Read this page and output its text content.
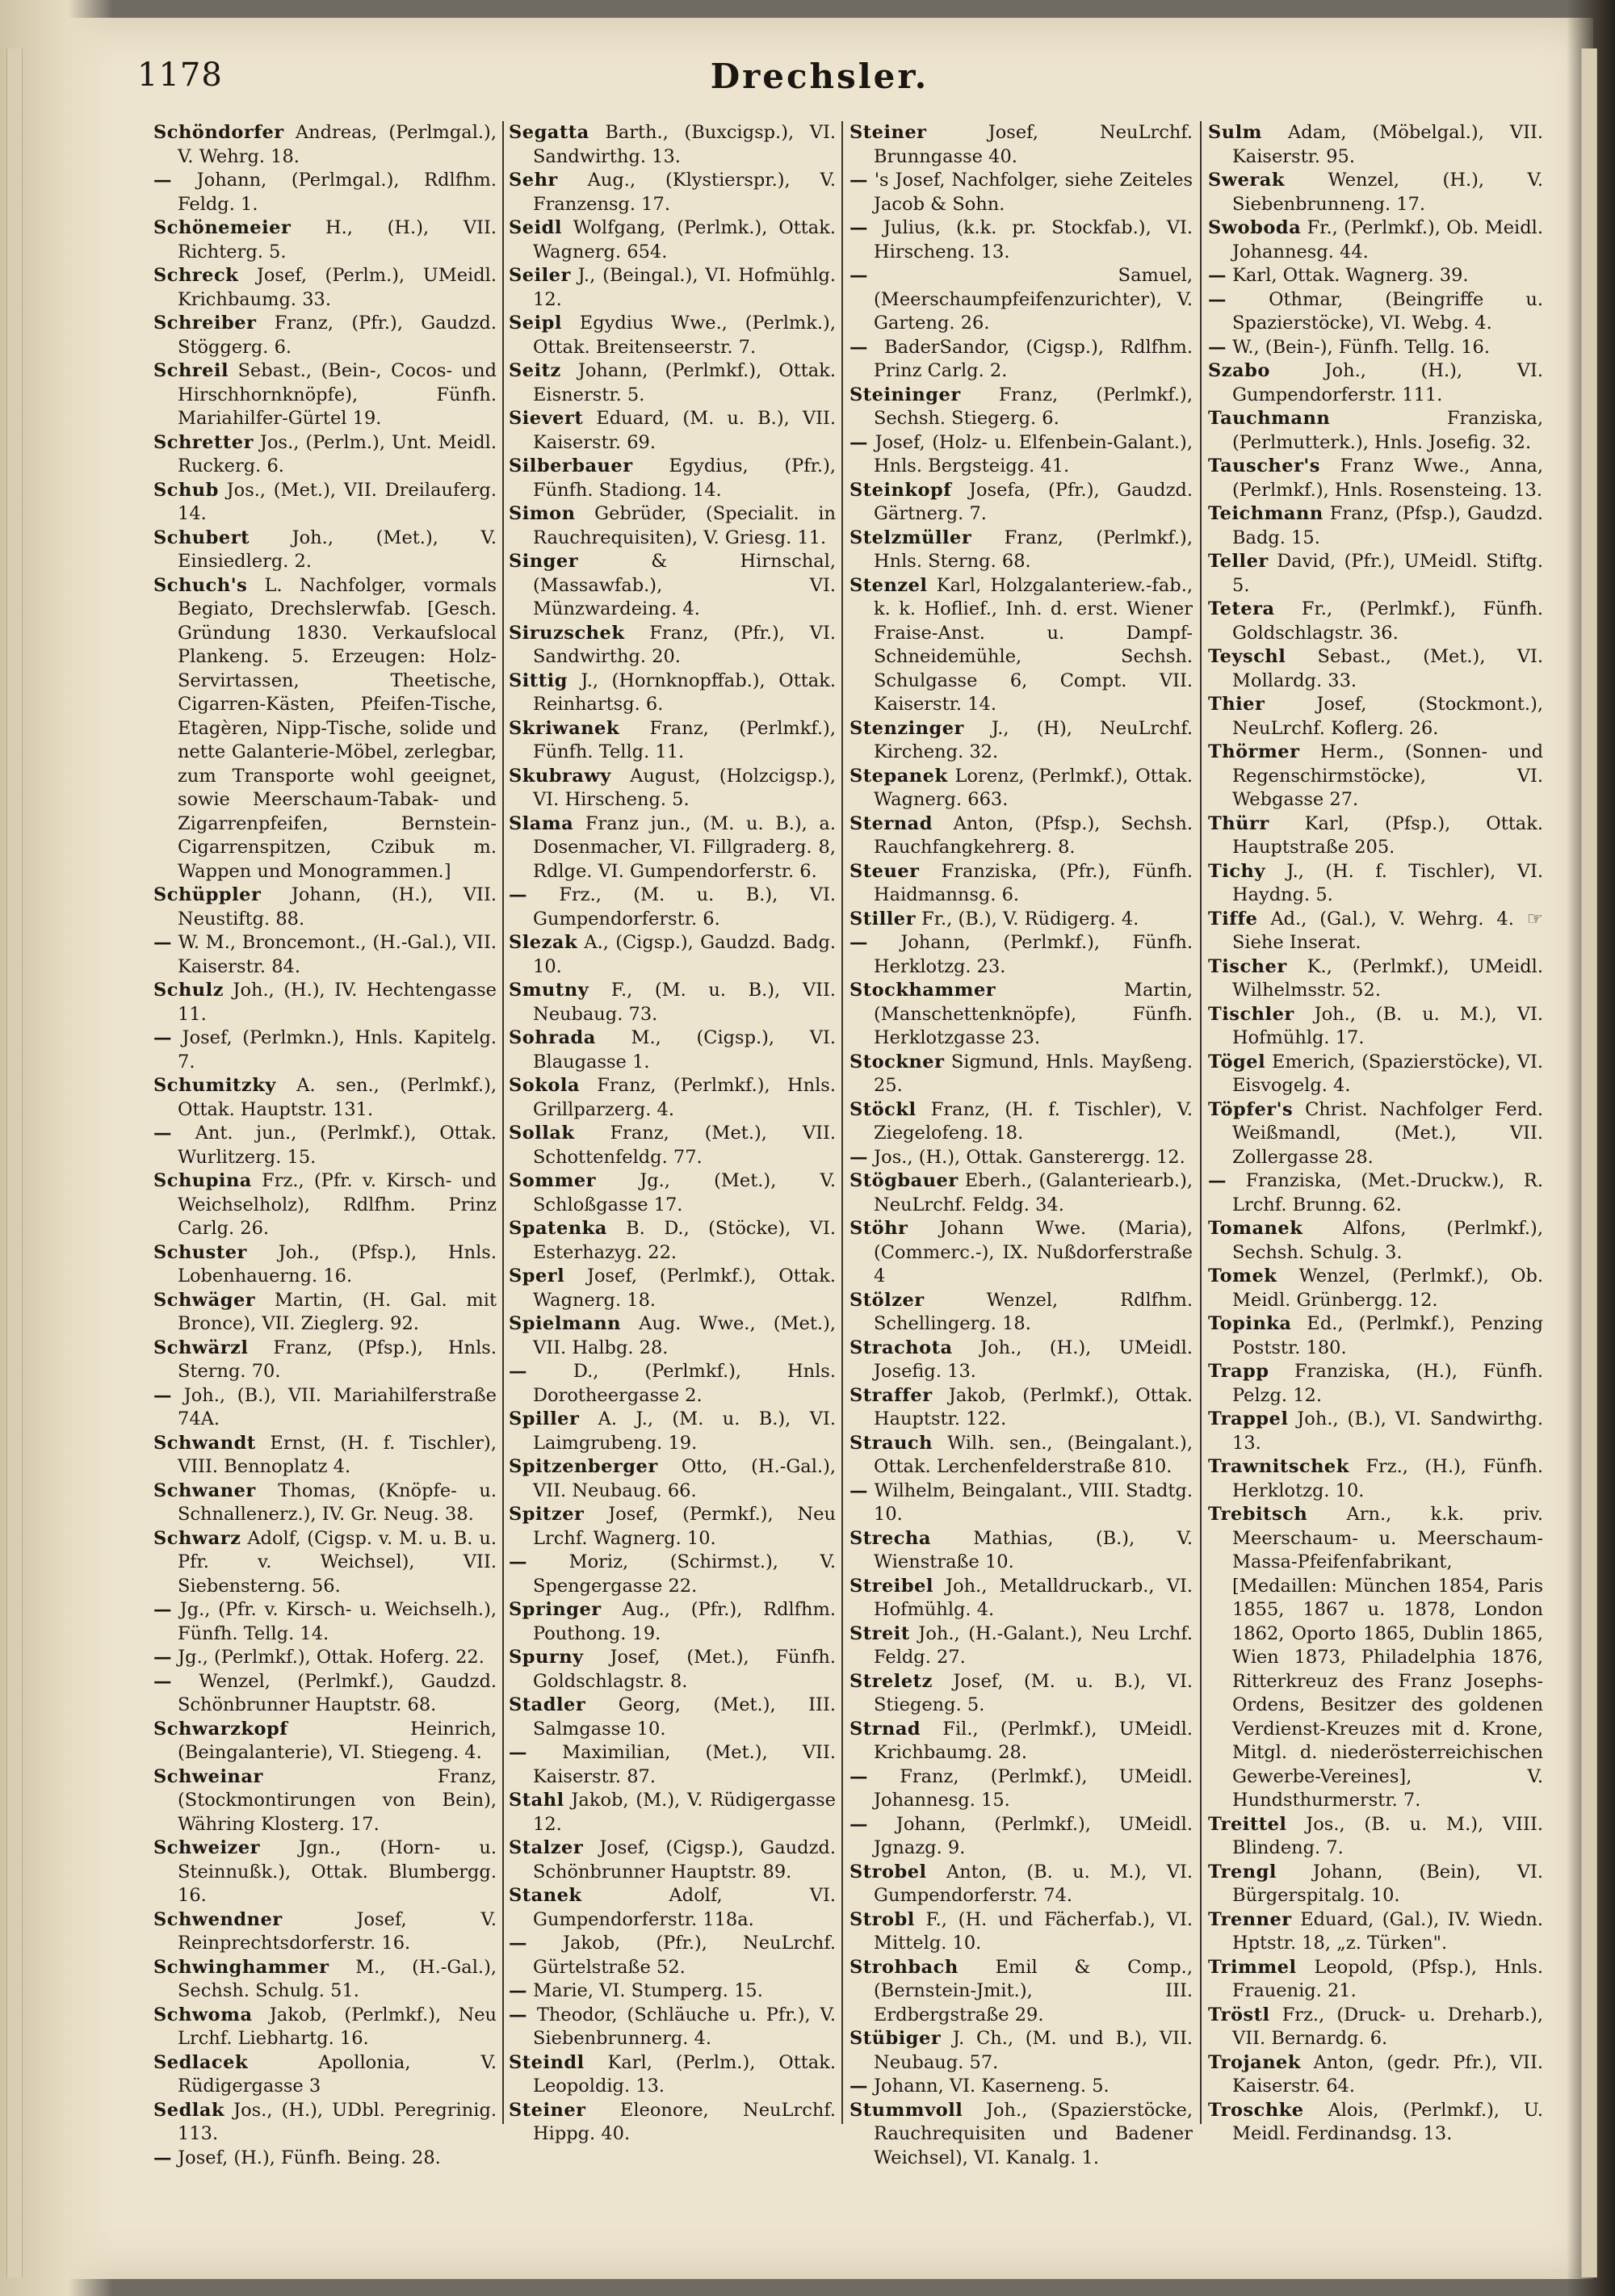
1178	Drechsler.

Schöndorfer Andreas, (Perlmgal.), V. Wehrg. 18.

— Johann, (Perlmgal.), Rdlfhm. Feldg. 1.

Schönemeier H., (H.), VII. Richterg. 5.

Schreck Josef, (Perlm.), UMeidl. Krichbaumg. 33.

Schreiber Franz, (Pfr.), Gaudzd. Stöggerg. 6.

Schreil Sebast., (Bein-, Cocos- und Hirschhornknöpfe), Fünfh. Mariahilfer-Gürtel 19.

Schretter Jos., (Perlm.), Unt. Meidl. Ruckerg. 6.

Schub Jos., (Met.), VII. Dreilauferg. 14.

Schubert Joh., (Met.), V. Einsiedlerg. 2.

Schuch's L. Nachfolger, vormals Begiato, Drechslerwfab. [Gesch. Gründung 1830. Verkaufslocal Plankeng. 5. Erzeugen: Holz-Servirtassen, Theetische, Cigarren-Kästen, Pfeifen-Tische, Etagèren, Nipp-Tische, solide und nette Galanterie-Möbel, zerlegbar, zum Transporte wohl geeignet, sowie Meerschaum-Tabak- und Zigarrenpfeifen, Bernstein-Cigarrenspitzen, Czibuk m. Wappen und Monogrammen.]

Schüppler Johann, (H.), VII. Neustiftg. 88.

— W. M., Broncemont., (H.-Gal.), VII. Kaiserstr. 84.

Schulz Joh., (H.), IV. Hechtengasse 11.

— Josef, (Perlmkn.), Hnls. Kapitelg. 7.

Schumitzky A. sen., (Perlmkf.), Ottak. Hauptstr. 131.

— Ant. jun., (Perlmkf.), Ottak. Wurlitzerg. 15.

Schupina Frz., (Pfr. v. Kirsch- und Weichselholz), Rdlfhm. Prinz Carlg. 26.

Schuster Joh., (Pfsp.), Hnls. Lobenhauerng. 16.

Schwäger Martin, (H. Gal. mit Bronce), VII. Zieglerg. 92.

Schwärzl Franz, (Pfsp.), Hnls. Sterng. 70.

— Joh., (B.), VII. Mariahilferstraße 74A.

Schwandt Ernst, (H. f. Tischler), VIII. Bennoplatz 4.

Schwaner Thomas, (Knöpfe- u. Schnallenerz.), IV. Gr. Neug. 38.

Schwarz Adolf, (Cigsp. v. M. u. B. u. Pfr. v. Weichsel), VII. Siebensterng. 56.

— Jg., (Pfr. v. Kirsch- u. Weichselh.), Fünfh. Tellg. 14.

— Jg., (Perlmkf.), Ottak. Hoferg. 22.

— Wenzel, (Perlmkf.), Gaudzd. Schönbrunner Hauptstr. 68.

Schwarzkopf Heinrich, (Beingalanterie), VI. Stiegeng. 4.

Schweinar Franz, (Stockmontirungen von Bein), Währing Klosterg. 17.

Schweizer Jgn., (Horn- u. Steinnußk.), Ottak. Blumbergg. 16.

Schwendner Josef, V. Reinprechtsdorferstr. 16.

Schwinghammer M., (H.-Gal.), Sechsh. Schulg. 51.

Schwoma Jakob, (Perlmkf.), Neu Lrchf. Liebhartg. 16.

Sedlacek Apollonia, V. Rüdigergasse 3

Sedlak Jos., (H.), UDbl. Peregrinig. 113.

— Josef, (H.), Fünfh. Being. 28.

Segatta Barth., (Buxcigsp.), VI. Sandwirthg. 13.

Sehr Aug., (Klystierspr.), V. Franzensg. 17.

Seidl Wolfgang, (Perlmk.), Ottak. Wagnerg. 654.

Seiler J., (Beingal.), VI. Hofmühlg. 12.

Seipl Egydius Wwe., (Perlmk.), Ottak. Breitenseerstr. 7.

Seitz Johann, (Perlmkf.), Ottak. Eisnerstr. 5.

Sievert Eduard, (M. u. B.), VII. Kaiserstr. 69.

Silberbauer Egydius, (Pfr.), Fünfh. Stadiong. 14.

Simon Gebrüder, (Specialit. in Rauchrequisiten), V. Griesg. 11.

Singer & Hirnschal, (Massawfab.), VI. Münzwardeing. 4.

Siruzschek Franz, (Pfr.), VI. Sandwirthg. 20.

Sittig J., (Hornknopffab.), Ottak. Reinhartsg. 6.

Skriwanek Franz, (Perlmkf.), Fünfh. Tellg. 11.

Skubrawy August, (Holzcigsp.), VI. Hirscheng. 5.

Slama Franz jun., (M. u. B.), a. Dosenmacher, VI. Fillgraderg. 8, Rdlge. VI. Gumpendorferstr. 6.

— Frz., (M. u. B.), VI. Gumpendorferstr. 6.

Slezak A., (Cigsp.), Gaudzd. Badg. 10.

Smutny F., (M. u. B.), VII. Neubaug. 73.

Sohrada M., (Cigsp.), VI. Blaugasse 1.

Sokola Franz, (Perlmkf.), Hnls. Grillparzerg. 4.

Sollak Franz, (Met.), VII. Schottenfeldg. 77.

Sommer Jg., (Met.), V. Schloßgasse 17.

Spatenka B. D., (Stöcke), VI. Esterhazyg. 22.

Sperl Josef, (Perlmkf.), Ottak. Wagnerg. 18.

Spielmann Aug. Wwe., (Met.), VII. Halbg. 28.

— D., (Perlmkf.), Hnls. Dorotheergasse 2.

Spiller A. J., (M. u. B.), VI. Laimgrubeng. 19.

Spitzenberger Otto, (H.-Gal.), VII. Neubaug. 66.

Spitzer Josef, (Permkf.), Neu Lrchf. Wagnerg. 10.

— Moriz, (Schirmst.), V. Spengergasse 22.

Springer Aug., (Pfr.), Rdlfhm. Pouthong. 19.

Spurny Josef, (Met.), Fünfh. Goldschlagstr. 8.

Stadler Georg, (Met.), III. Salmgasse 10.

— Maximilian, (Met.), VII. Kaiserstr. 87.

Stahl Jakob, (M.), V. Rüdigergasse 12.

Stalzer Josef, (Cigsp.), Gaudzd. Schönbrunner Hauptstr. 89.

Stanek Adolf, VI. Gumpendorferstr. 118a.

— Jakob, (Pfr.), NeuLrchf. Gürtelstraße 52.

— Marie, VI. Stumperg. 15.

— Theodor, (Schläuche u. Pfr.), V. Siebenbrunnerg. 4.

Steindl Karl, (Perlm.), Ottak. Leopoldig. 13.

Steiner Eleonore, NeuLrchf. Hippg. 40.

Steiner Josef, NeuLrchf. Brunngasse 40.

— 's Josef, Nachfolger, siehe Zeiteles Jacob & Sohn.

— Julius, (k.k. pr. Stockfab.), VI. Hirscheng. 13.

— Samuel, (Meerschaumpfeifenzurichter), V. Garteng. 26.

— BaderSandor, (Cigsp.), Rdlfhm. Prinz Carlg. 2.

Steininger Franz, (Perlmkf.), Sechsh. Stiegerg. 6.

— Josef, (Holz- u. Elfenbein-Galant.), Hnls. Bergsteigg. 41.

Steinkopf Josefa, (Pfr.), Gaudzd. Gärtnerg. 7.

Stelzmüller Franz, (Perlmkf.), Hnls. Sterng. 68.

Stenzel Karl, Holzgalanteriew.-fab., k. k. Hoflief., Inh. d. erst. Wiener Fraise-Anst. u. Dampf-Schneidemühle, Sechsh. Schulgasse 6, Compt. VII. Kaiserstr. 14.

Stenzinger J., (H), NeuLrchf. Kircheng. 32.

Stepanek Lorenz, (Perlmkf.), Ottak. Wagnerg. 663.

Sternad Anton, (Pfsp.), Sechsh. Rauchfangkehrerg. 8.

Steuer Franziska, (Pfr.), Fünfh. Haidmannsg. 6.

Stiller Fr., (B.), V. Rüdigerg. 4.

— Johann, (Perlmkf.), Fünfh. Herklotzg. 23.

Stockhammer Martin, (Manschettenknöpfe), Fünfh. Herklotzgasse 23.

Stockner Sigmund, Hnls. Mayßeng. 25.

Stöckl Franz, (H. f. Tischler), V. Ziegelofeng. 18.

— Jos., (H.), Ottak. Gansterergg. 12.

Stögbauer Eberh., (Galanteriearb.), NeuLrchf. Feldg. 34.

Stöhr Johann Wwe. (Maria), (Commerc.-), IX. Nußdorferstraße 4

Stölzer Wenzel, Rdlfhm. Schellingerg. 18.

Strachota Joh., (H.), UMeidl. Josefig. 13.

Straffer Jakob, (Perlmkf.), Ottak. Hauptstr. 122.

Strauch Wilh. sen., (Beingalant.), Ottak. Lerchenfelderstraße 810.

— Wilhelm, Beingalant., VIII. Stadtg. 10.

Strecha Mathias, (B.), V. Wienstraße 10.

Streibel Joh., Metalldruckarb., VI. Hofmühlg. 4.

Streit Joh., (H.-Galant.), Neu Lrchf. Feldg. 27.

Streletz Josef, (M. u. B.), VI. Stiegeng. 5.

Strnad Fil., (Perlmkf.), UMeidl. Krichbaumg. 28.

— Franz, (Perlmkf.), UMeidl. Johannesg. 15.

— Johann, (Perlmkf.), UMeidl. Jgnazg. 9.

Strobel Anton, (B. u. M.), VI. Gumpendorferstr. 74.

Strobl F., (H. und Fächerfab.), VI. Mittelg. 10.

Strohbach Emil & Comp., (Bernstein-Jmit.), III. Erdbergstraße 29.

Stübiger J. Ch., (M. und B.), VII. Neubaug. 57.

— Johann, VI. Kaserneng. 5.

Stummvoll Joh., (Spazierstöcke, Rauchrequisiten und Badener Weichsel), VI. Kanalg. 1.

Sulm Adam, (Möbelgal.), VII. Kaiserstr. 95.

Swerak Wenzel, (H.), V. Siebenbrunneng. 17.

Swoboda Fr., (Perlmkf.), Ob. Meidl. Johannesg. 44.

— Karl, Ottak. Wagnerg. 39.

— Othmar, (Beingriffe u. Spazierstöcke), VI. Webg. 4.

— W., (Bein-), Fünfh. Tellg. 16.

Szabo Joh., (H.), VI. Gumpendorferstr. 111.

Tauchmann Franziska, (Perlmutterk.), Hnls. Josefig. 32.

Tauscher's Franz Wwe., Anna, (Perlmkf.), Hnls. Rosensteing. 13.

Teichmann Franz, (Pfsp.), Gaudzd. Badg. 15.

Teller David, (Pfr.), UMeidl. Stiftg. 5.

Tetera Fr., (Perlmkf.), Fünfh. Goldschlagstr. 36.

Teyschl Sebast., (Met.), VI. Mollardg. 33.

Thier Josef, (Stockmont.), NeuLrchf. Koflerg. 26.

Thörmer Herm., (Sonnen- und Regenschirmstöcke), VI. Webgasse 27.

Thürr Karl, (Pfsp.), Ottak. Hauptstraße 205.

Tichy J., (H. f. Tischler), VI. Haydng. 5.

Tiffe Ad., (Gal.), V. Wehrg. 4. ☞ Siehe Inserat.

Tischer K., (Perlmkf.), UMeidl. Wilhelmsstr. 52.

Tischler Joh., (B. u. M.), VI. Hofmühlg. 17.

Tögel Emerich, (Spazierstöcke), VI. Eisvogelg. 4.

Töpfer's Christ. Nachfolger Ferd. Weißmandl, (Met.), VII. Zollergasse 28.

— Franziska, (Met.-Druckw.), R. Lrchf. Brunng. 62.

Tomanek Alfons, (Perlmkf.), Sechsh. Schulg. 3.

Tomek Wenzel, (Perlmkf.), Ob. Meidl. Grünbergg. 12.

Topinka Ed., (Perlmkf.), Penzing Poststr. 180.

Trapp Franziska, (H.), Fünfh. Pelzg. 12.

Trappel Joh., (B.), VI. Sandwirthg. 13.

Trawnitschek Frz., (H.), Fünfh. Herklotzg. 10.

Trebitsch Arn., k.k. priv. Meerschaum- u. Meerschaum-Massa-Pfeifenfabrikant, [Medaillen: München 1854, Paris 1855, 1867 u. 1878, London 1862, Oporto 1865, Dublin 1865, Wien 1873, Philadelphia 1876, Ritterkreuz des Franz Josephs-Ordens, Besitzer des goldenen Verdienst-Kreuzes mit d. Krone, Mitgl. d. niederösterreichischen Gewerbe-Vereines], V. Hundsthurmerstr. 7.

Treittel Jos., (B. u. M.), VIII. Blindeng. 7.

Trengl Johann, (Bein), VI. Bürgerspitalg. 10.

Trenner Eduard, (Gal.), IV. Wiedn. Hptstr. 18, „z. Türken".

Trimmel Leopold, (Pfsp.), Hnls. Frauenig. 21.

Tröstl Frz., (Druck- u. Dreharb.), VII. Bernardg. 6.

Trojanek Anton, (gedr. Pfr.), VII. Kaiserstr. 64.

Troschke Alois, (Perlmkf.), U. Meidl. Ferdinandsg. 13.
